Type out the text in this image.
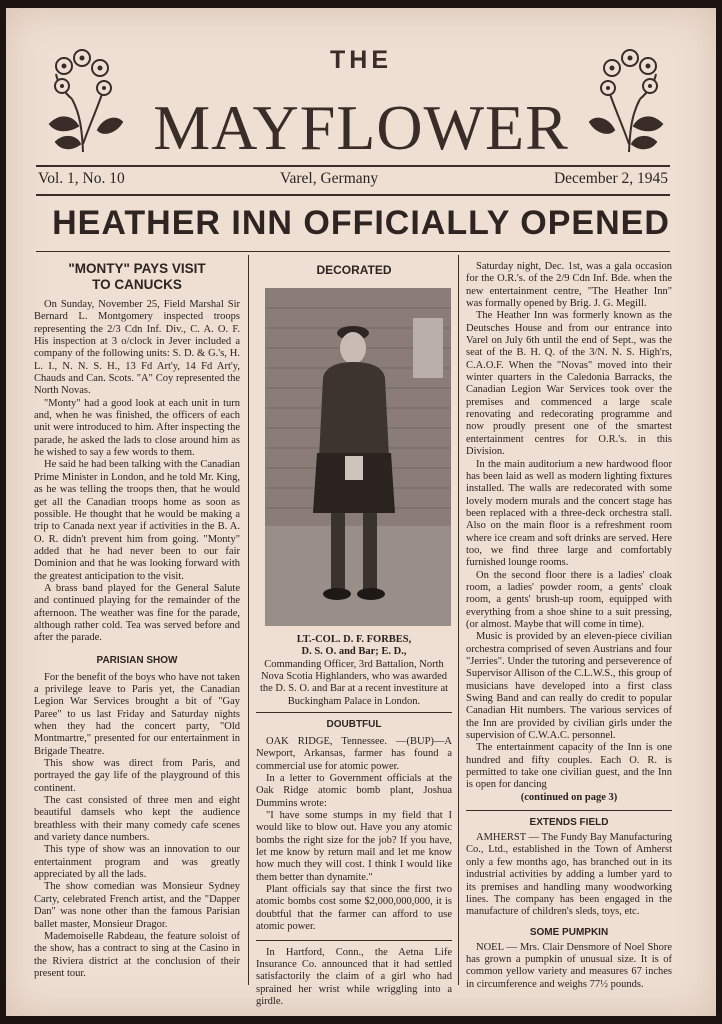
THE
MAYFLOWER
Vol. 1, No. 10	Varel, Germany	December 2, 1945
HEATHER INN OFFICIALLY OPENED
"MONTY" PAYS VISIT
TO CANUCKS

On Sunday, November 25, Field Marshal Sir Bernard L. Montgomery inspected troops representing the 2/3 Cdn Inf. Div., C. A. O. F. His inspection at 3 o/clock in Jever included a company of the following units: S. D. & G.'s, H. L. I., N. N. S. H., 13 Fd Art'y, 14 Fd Art'y, Chauds and Can. Scots. "A" Coy represented the North Novas.

"Monty" had a good look at each unit in turn and, when he was finished, the officers of each unit were introduced to him. After inspecting the parade, he asked the lads to close around him as he wished to say a few words to them.

He said he had been talking with the Canadian Prime Minister in London, and he told Mr. King, as he was telling the troops then, that he would get all the Canadian troops home as soon as possible. He thought that he would be making a trip to Canada next year if activities in the B. A. O. R. didn't prevent him from going. "Monty" added that he had never been to our fair Dominion and that he was looking forward with the greatest anticipation to the visit.

A brass band played for the General Salute and continued playing for the remainder of the afternoon. The weather was fine for the parade, although rather cold. Tea was served before and after the parade.

PARISIAN SHOW

For the benefit of the boys who have not taken a privilege leave to Paris yet, the Canadian Legion War Services brought a bit of "Gay Paree" to us last Friday and Saturday nights when they had the concert party, "Old Montmartre," presented for our entertainment in Brigade Theatre.

This show was direct from Paris, and portrayed the gay life of the playground of this continent.

The cast consisted of three men and eight beautiful damsels who kept the audience breathless with their many comedy cafe scenes and variety dance numbers.

This type of show was an innovation to our entertainment program and was greatly appreciated by all the lads.

The show comedian was Monsieur Sydney Carty, celebrated French artist, and the "Dapper Dan" was none other than the famous Parisian ballet master, Monsieur Dragor.

Mademoiselle Rabdeau, the feature soloist of the show, has a contract to sing at the Casino in the Riviera district at the conclusion of their present tour.

DECORATED
LT.-COL. D. F. FORBES,
D. S. O. and Bar; E. D.,
Commanding Officer, 3rd Battalion, North Nova Scotia Highlanders, who was awarded the D. S. O. and Bar at a recent investiture at Buckingham Palace in London.
DOUBTFUL

OAK RIDGE, Tennessee. —(BUP)—A Newport, Arkansas, farmer has found a commercial use for atomic power.

In a letter to Government officials at the Oak Ridge atomic bomb plant, Joshua Dummins wrote:

"I have some stumps in my field that I would like to blow out. Have you any atomic bombs the right size for the job? If you have, let me know by return mail and let me know how much they will cost. I think I would like them better than dynamite."

Plant officials say that since the first two atomic bombs cost some $2,000,000,000, it is doubtful that the farmer can afford to use atomic power.

In Hartford, Conn., the Aetna Life Insurance Co. announced that it had settled satisfactorily the claim of a girl who had sprained her wrist while wriggling into a girdle.

Saturday night, Dec. 1st, was a gala occasion for the O.R.'s. of the 2/9 Cdn Inf. Bde. when the new entertainment centre, "The Heather Inn" was formally opened by Brig. J. G. Megill.

The Heather Inn was formerly known as the Deutsches House and from our entrance into Varel on July 6th until the end of Sept., was the seat of the B. H. Q. of the 3/N. N. S. High'rs, C.A.O.F. When the "Novas" moved into their winter quarters in the Caledonia Barracks, the Canadian Legion War Services took over the premises and commenced a large scale renovating and redecorating programme and now proudly present one of the smartest entertainment centres for O.R.'s. in this Division.

In the main auditorium a new hardwood floor has been laid as well as modern lighting fixtures installed. The walls are redecorated with some lovely modern murals and the concert stage has been replaced with a three-deck orchestra stall. Also on the main floor is a refreshment room where ice cream and soft drinks are served. Here too, we find three large and comfortably furnished lounge rooms.

On the second floor there is a ladies' cloak room, a ladies' powder room, a gents' cloak room, a gents' brush-up room, equipped with everything from a shoe shine to a suit pressing, (or almost. Maybe that will come in time).

Music is provided by an eleven-piece civilian orchestra comprised of seven Austrians and four "Jerries". Under the tutoring and perseverence of Supervisor Allison of the C.L.W.S., this group of musicians have developed into a first class Swing Band and can really do credit to popular Canadian Hit numbers. The various services of the Inn are provided by civilian girls under the supervision of C.W.A.C. personnel.

The entertainment capacity of the Inn is one hundred and fifty couples. Each O. R. is permitted to take one civilian guest, and the Inn is open for dancing

(continued on page 3)
EXTENDS FIELD

AMHERST — The Fundy Bay Manufacturing Co., Ltd., established in the Town of Amherst only a few months ago, has branched out in its industrial activities by adding a lumber yard to its premises and handling many woodworking lines. The company has been engaged in the manufacture of children's sleds, toys, etc.

SOME PUMPKIN

NOEL — Mrs. Clair Densmore of Noel Shore has grown a pumpkin of unusual size. It is of common yellow variety and measures 67 inches in circumference and weighs 77½ pounds.
